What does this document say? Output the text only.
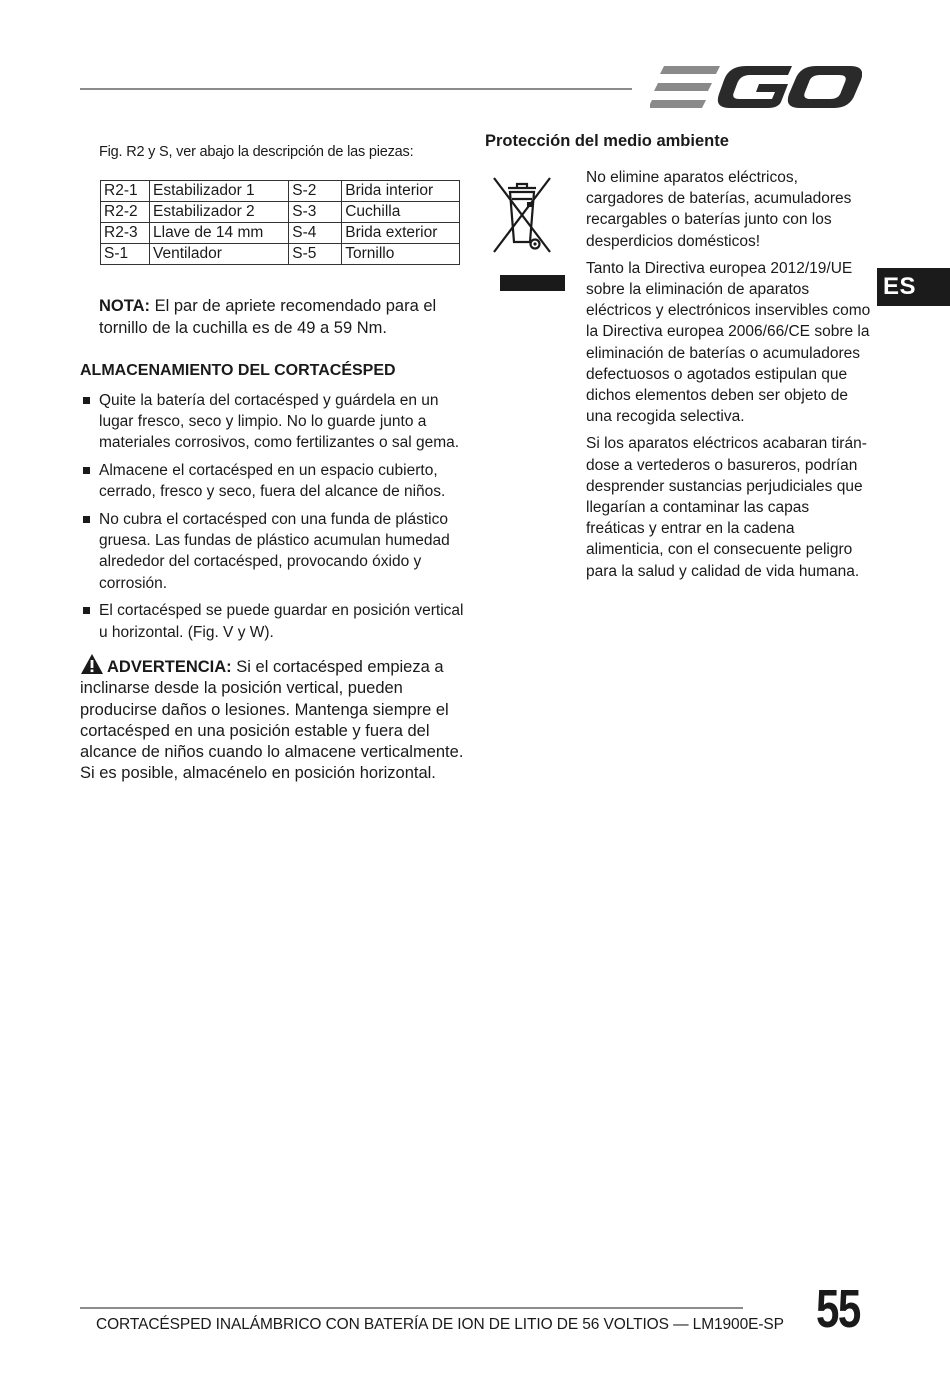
ES
Fig. R2 y S, ver abajo la descripción de las piezas:
R2-1	Estabilizador 1	S-2	Brida interior
R2-2	Estabilizador 2	S-3	Cuchilla
R2-3	Llave de 14 mm	S-4	Brida exterior
S-1	Ventilador	S-5	Tornillo
NOTA: El par de apriete recomendado para el tornillo de la cuchilla es de 49 a 59 Nm.
ALMACENAMIENTO DEL CORTACÉSPED
Quite la batería del cortacésped y guárdela en un lugar fresco, seco y limpio. No lo guarde junto a materiales corrosivos, como fertilizantes o sal gema.
Almacene el cortacésped en un espacio cubierto, cerrado, fresco y seco, fuera del alcance de niños.
No cubra el cortacésped con una funda de plástico gruesa. Las fundas de plástico acumulan humedad alrededor del cortacésped, provocando óxido y corrosión.
El cortacésped se puede guardar en posición vertical u horizontal. (Fig. V y W).
ADVERTENCIA: Si el cortacésped empieza a inclinarse desde la posición vertical, pueden producirse daños o lesiones. Mantenga siempre el cortacésped en una posición estable y fuera del alcance de niños cuando lo almacene verticalmente. Si es posible, almacénelo en posición horizontal.
Protección del medio ambiente

No elimine aparatos eléctricos, cargadores de baterías, acumuladores recargables o baterías junto con los desperdicios domésticos!

Tanto la Directiva europea 2012/19/UE sobre la eliminación de aparatos eléctricos y electrónicos inservibles como la Directiva europea 2006/66/CE sobre la eliminación de baterías o acumuladores defectuosos o agotados estipulan que dichos elementos deben ser objeto de una recogida selectiva.

Si los aparatos eléctricos acabaran tirán-dose a vertederos o basureros, podrían desprender sustancias perjudiciales que llegarían a contaminar las capas freáticas y entrar en la cadena alimenticia, con el consecuente peligro para la salud y calidad de vida humana.

CORTACÉSPED INALÁMBRICO CON BATERÍA DE ION DE LITIO DE 56 VOLTIOS — LM1900E-SP 55
